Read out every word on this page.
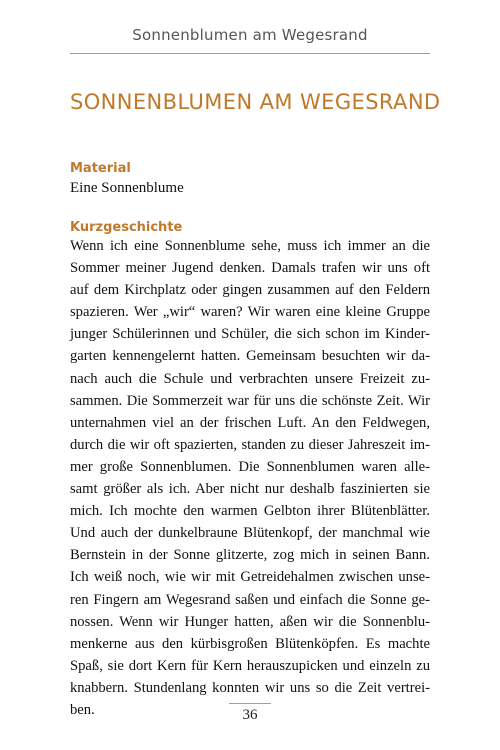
Sonnenblumen am Wegesrand
SONNENBLUMEN AM WEGESRAND
Material

Eine Sonnenblume

Kurzgeschichte

Wenn ich eine Sonnenblume sehe, muss ich immer an die
Sommer meiner Jugend denken. Damals trafen wir uns oft
auf dem Kirchplatz oder gingen zusammen auf den Feldern
spazieren. Wer „wir“ waren? Wir waren eine kleine Gruppe
junger Schülerinnen und Schüler, die sich schon im Kinder-
garten kennengelernt hatten. Gemeinsam besuchten wir da-
nach auch die Schule und verbrachten unsere Freizeit zu-
sammen. Die Sommerzeit war für uns die schönste Zeit. Wir
unternahmen viel an der frischen Luft. An den Feldwegen,
durch die wir oft spazierten, standen zu dieser Jahreszeit im-
mer große Sonnenblumen. Die Sonnenblumen waren alle-
samt größer als ich. Aber nicht nur deshalb faszinierten sie
mich. Ich mochte den warmen Gelbton ihrer Blütenblätter.
Und auch der dunkelbraune Blütenkopf, der manchmal wie
Bernstein in der Sonne glitzerte, zog mich in seinen Bann.
Ich weiß noch, wie wir mit Getreidehalmen zwischen unse-
ren Fingern am Wegesrand saßen und einfach die Sonne ge-
nossen. Wenn wir Hunger hatten, aßen wir die Sonnenblu-
menkerne aus den kürbisgroßen Blütenköpfen. Es machte
Spaß, sie dort Kern für Kern herauszupicken und einzeln zu
knabbern. Stundenlang konnten wir uns so die Zeit vertrei-
ben.	36
